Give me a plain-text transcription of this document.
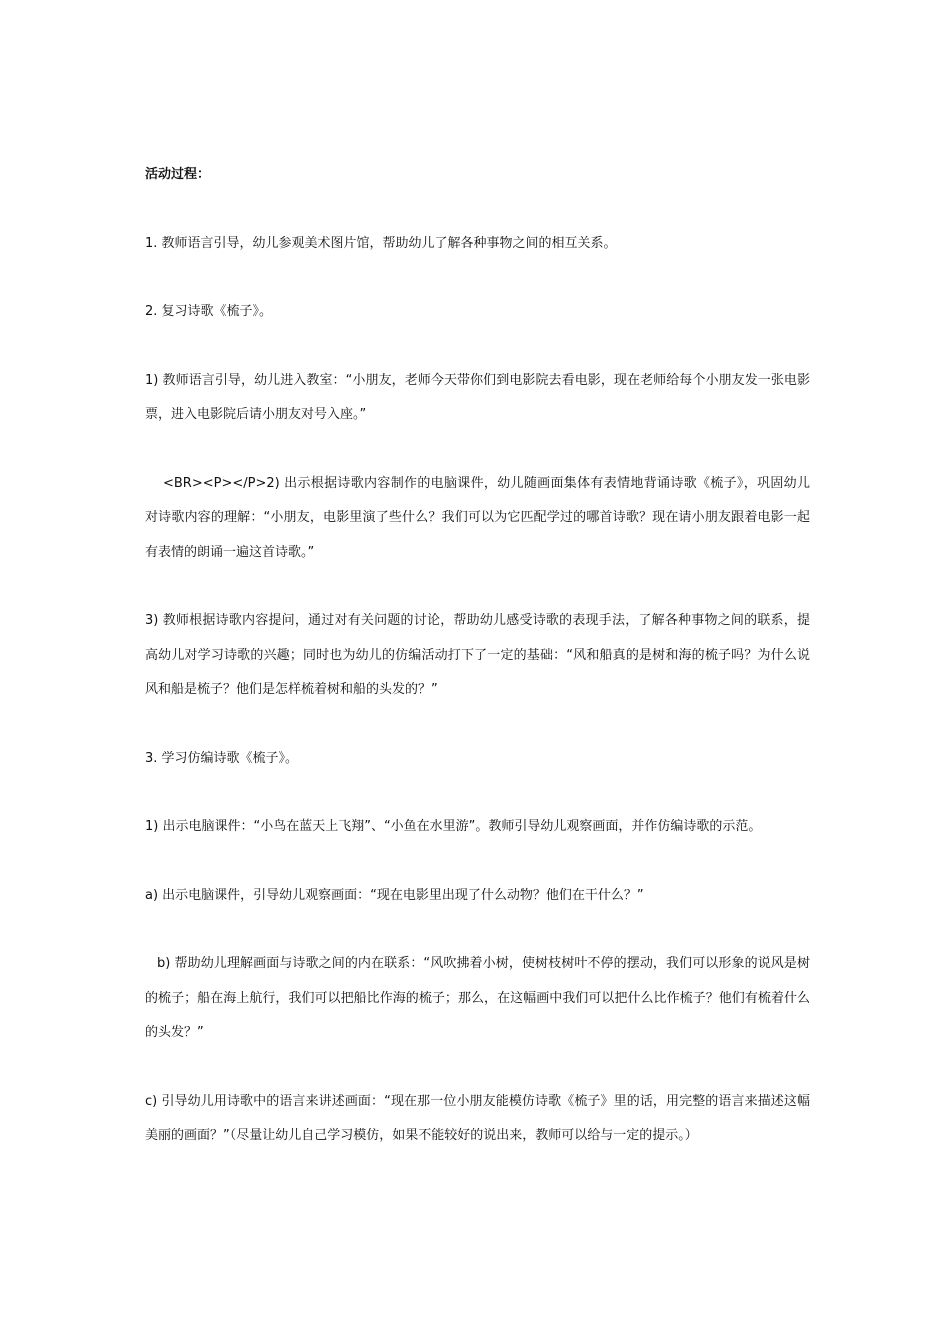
活动过程：
1. 教师语言引导，幼儿参观美术图片馆，帮助幼儿了解各种事物之间的相互关系。
2. 复习诗歌《梳子》。
1) 教师语言引导，幼儿进入教室：“小朋友，老师今天带你们到电影院去看电影，现在老师给每个小朋友发一张电影票，进入电影院后请小朋友对号入座。”
<BR><P></P>2) 出示根据诗歌内容制作的电脑课件，幼儿随画面集体有表情地背诵诗歌《梳子》，巩固幼儿对诗歌内容的理解：“小朋友，电影里演了些什么？我们可以为它匹配学过的哪首诗歌？现在请小朋友跟着电影一起有表情的朗诵一遍这首诗歌。”
3) 教师根据诗歌内容提问，通过对有关问题的讨论，帮助幼儿感受诗歌的表现手法，了解各种事物之间的联系，提高幼儿对学习诗歌的兴趣；同时也为幼儿的仿编活动打下了一定的基础：“风和船真的是树和海的梳子吗？为什么说风和船是梳子？他们是怎样梳着树和船的头发的？”
3. 学习仿编诗歌《梳子》。
1) 出示电脑课件：“小鸟在蓝天上飞翔”、“小鱼在水里游”。教师引导幼儿观察画面，并作仿编诗歌的示范。
a) 出示电脑课件，引导幼儿观察画面：“现在电影里出现了什么动物？他们在干什么？”
b) 帮助幼儿理解画面与诗歌之间的内在联系：“风吹拂着小树，使树枝树叶不停的摆动，我们可以形象的说风是树的梳子；船在海上航行，我们可以把船比作海的梳子；那么，在这幅画中我们可以把什么比作梳子？他们有梳着什么的头发？”
c) 引导幼儿用诗歌中的语言来讲述画面：“现在那一位小朋友能模仿诗歌《梳子》里的话，用完整的语言来描述这幅美丽的画面？”（尽量让幼儿自己学习模仿，如果不能较好的说出来，教师可以给与一定的提示。）
